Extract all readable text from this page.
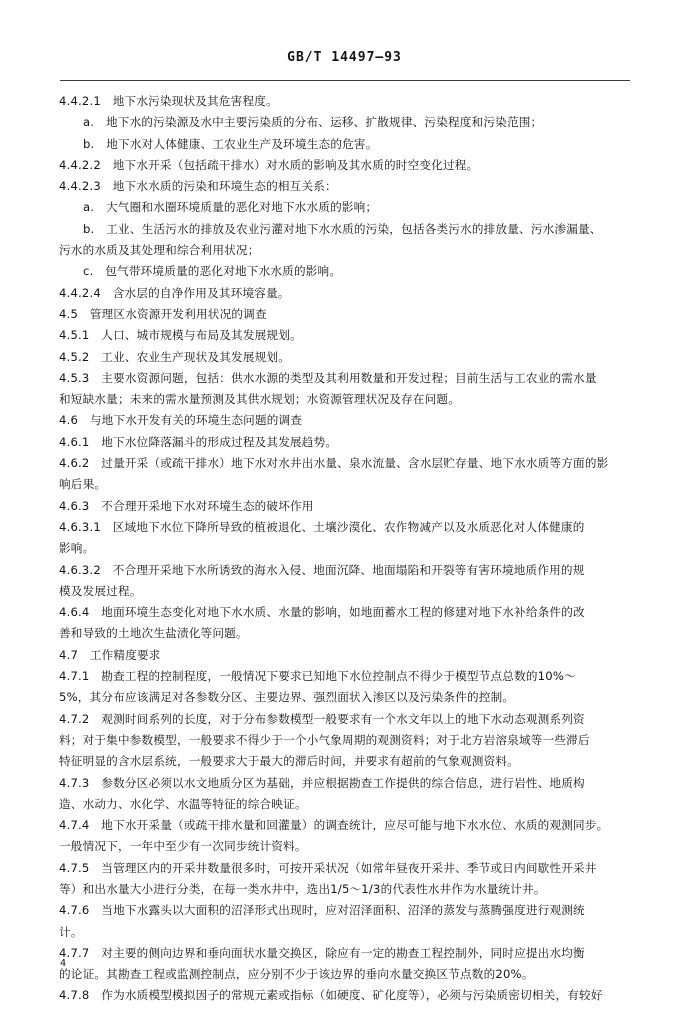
GB/T 14497—93
4.4.2.1　地下水污染现状及其危害程度。
a.　地下水的污染源及水中主要污染质的分布、运移、扩散规律、污染程度和污染范围；
b.　地下水对人体健康、工农业生产及环境生态的危害。
4.4.2.2　地下水开采（包括疏干排水）对水质的影响及其水质的时空变化过程。
4.4.2.3　地下水水质的污染和环境生态的相互关系：
a.　大气圈和水圈环境质量的恶化对地下水水质的影响；
b.　工业、生活污水的排放及农业污灌对地下水水质的污染，包括各类污水的排放量、污水渗漏量、
污水的水质及其处理和综合利用状况；
c.　包气带环境质量的恶化对地下水水质的影响。
4.4.2.4　含水层的自净作用及其环境容量。
4.5　管理区水资源开发利用状况的调查
4.5.1　人口、城市规模与布局及其发展规划。
4.5.2　工业、农业生产现状及其发展规划。
4.5.3　主要水资源问题，包括：供水水源的类型及其利用数量和开发过程；目前生活与工农业的需水量
和短缺水量；未来的需水量预测及其供水规划；水资源管理状况及存在问题。
4.6　与地下水开发有关的环境生态问题的调查
4.6.1　地下水位降落漏斗的形成过程及其发展趋势。
4.6.2　过量开采（或疏干排水）地下水对水井出水量、泉水流量、含水层贮存量、地下水水质等方面的影
响后果。
4.6.3　不合理开采地下水对环境生态的破坏作用
4.6.3.1　区域地下水位下降所导致的植被退化、土壤沙漠化、农作物减产以及水质恶化对人体健康的
影响。
4.6.3.2　不合理开采地下水所诱致的海水入侵、地面沉降、地面塌陷和开裂等有害环境地质作用的规
模及发展过程。
4.6.4　地面环境生态变化对地下水水质、水量的影响，如地面蓄水工程的修建对地下水补给条件的改
善和导致的土地次生盐渍化等问题。
4.7　工作精度要求
4.7.1　勘查工程的控制程度，一般情况下要求已知地下水位控制点不得少于模型节点总数的10%～
5%，其分布应该满足对各参数分区、主要边界、强烈面状入渗区以及污染条件的控制。
4.7.2　观测时间系列的长度，对于分布参数模型一般要求有一个水文年以上的地下水动态观测系列资
料；对于集中参数模型，一般要求不得少于一个小气象周期的观测资料；对于北方岩溶泉域等一些滞后
特征明显的含水层系统，一般要求大于最大的滞后时间，并要求有超前的气象观测资料。
4.7.3　参数分区必须以水文地质分区为基础，并应根据勘查工作提供的综合信息，进行岩性、地质构
造、水动力、水化学、水温等特征的综合映证。
4.7.4　地下水开采量（或疏干排水量和回灌量）的调查统计，应尽可能与地下水水位、水质的观测同步。
一般情况下，一年中至少有一次同步统计资料。
4.7.5　当管理区内的开采井数量很多时，可按开采状况（如常年昼夜开采井、季节或日内间歇性开采井
等）和出水量大小进行分类，在每一类水井中，选出1/5～1/3的代表性水井作为水量统计井。
4.7.6　当地下水露头以大面积的沼泽形式出现时，应对沼泽面积、沼泽的蒸发与蒸腾强度进行观测统
计。
4.7.7　对主要的侧向边界和垂向面状水量交换区，除应有一定的勘查工程控制外，同时应提出水均衡
的论证。其勘查工程或监测控制点，应分别不少于该边界的垂向水量交换区节点数的20%。
4.7.8　作为水质模型模拟因子的常规元素或指标（如硬度、矿化度等），必须与污染质密切相关，有较好
4
